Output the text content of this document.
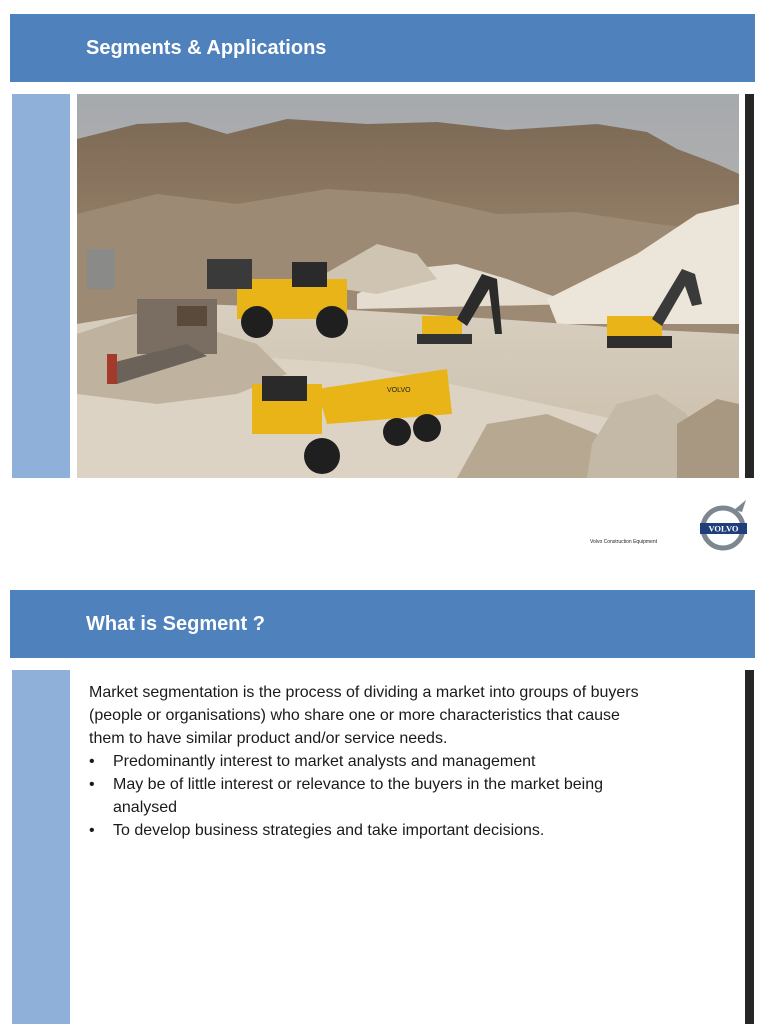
Segments & Applications
VOLVO
Volvo Construction Equipment
VOLVO
What is Segment ?

Market segmentation is the process of dividing a market into groups of buyers (people or organisations) who share one or more characteristics that cause them to have similar product and/or service needs.

• Predominantly interest to market analysts and management
• May be of little interest or relevance to the buyers in the market being analysed
• To develop business strategies and take important decisions.
